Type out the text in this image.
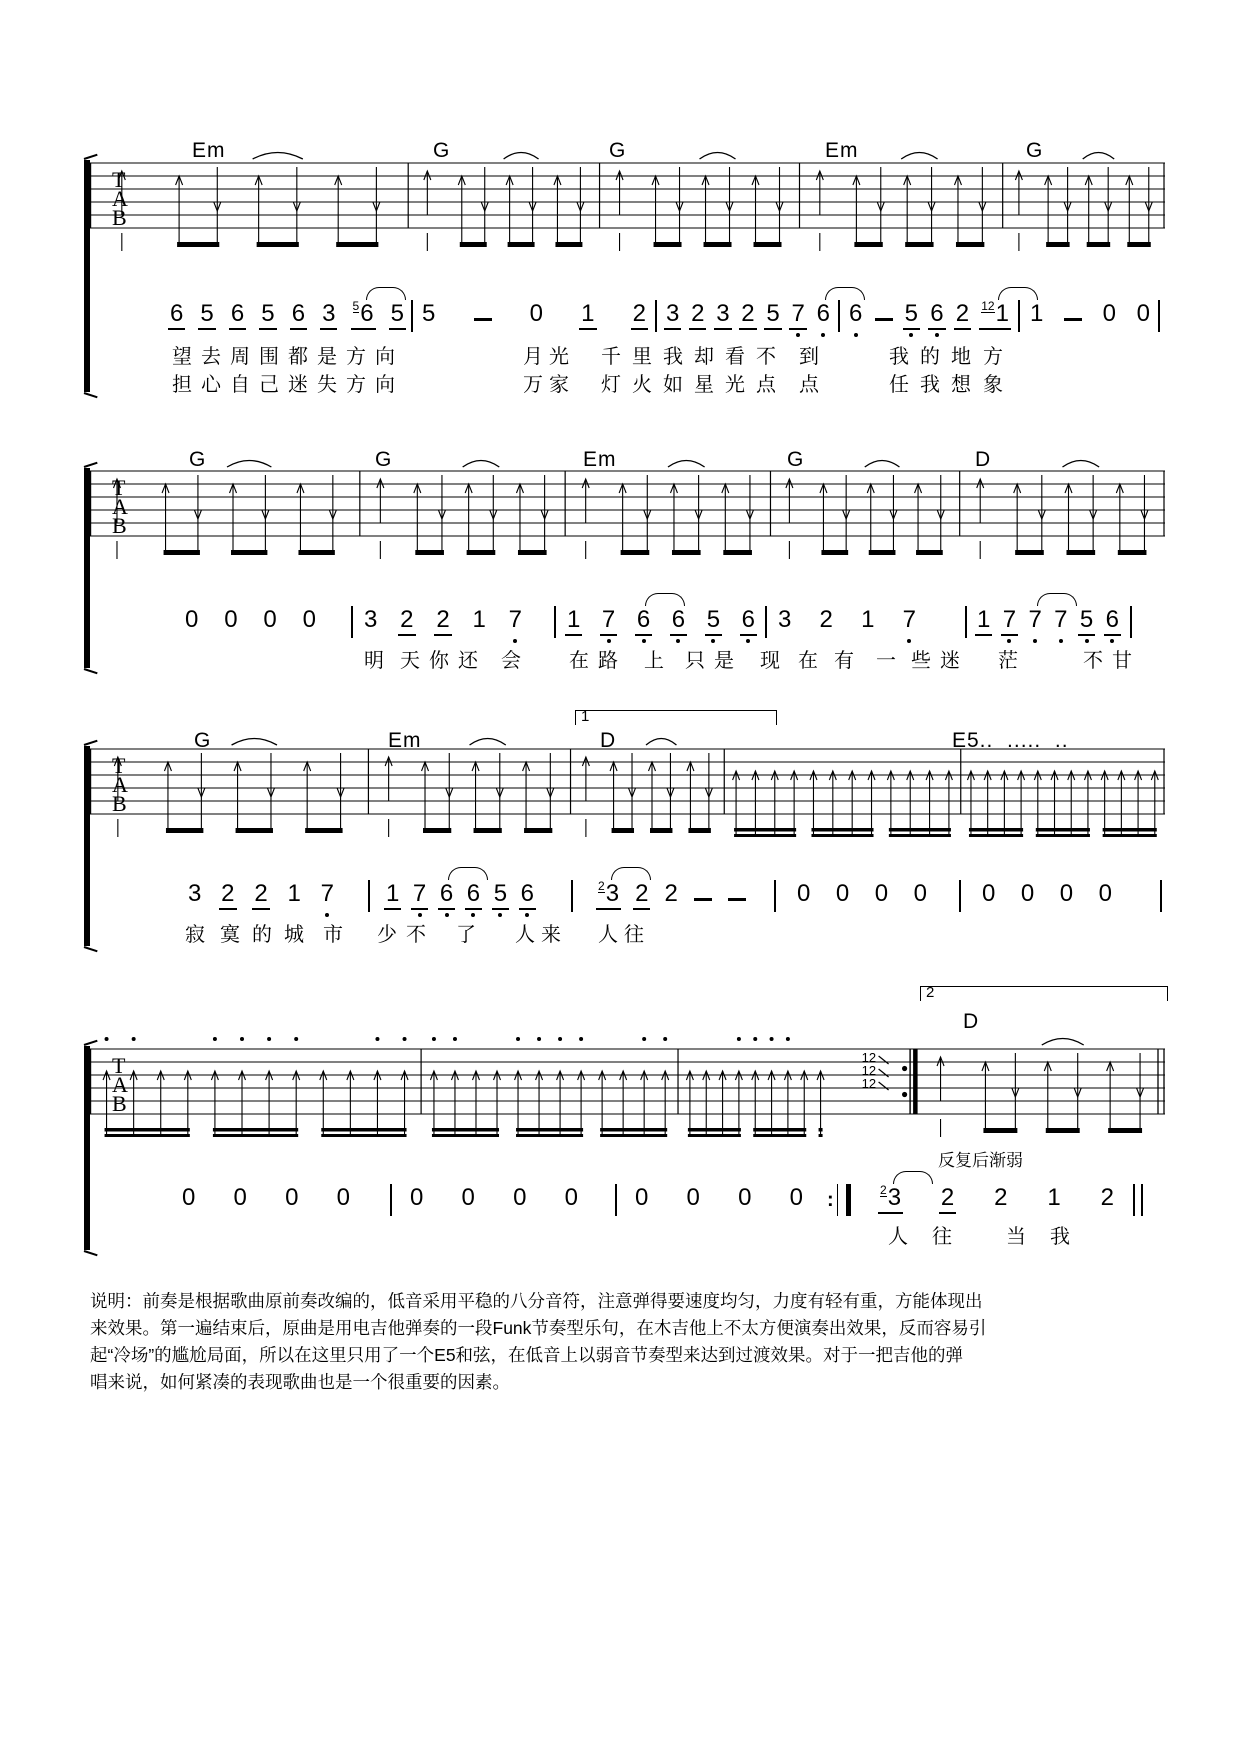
Em	G	G	Em	G
T
A
B
6 5 6 5 6 3 56 5 5	0 1 2 3 2 3 2 5 7 6 6 5 6 2 121 1 0 0
望去周围都是方向	月光 千里我却看不 到	我的地 方
担心自己迷失方向	万家 灯火如星光点 点	任我想 象
G	G	Em	G	D
T
A
B
0 0 0 0 3 2 2 1 7 1 7 6 6 5 6 3 2 1 7	1 7 7 7 5 6
明 天你还 会 在路 上 只是 现 在 有 一 些迷 茫	不甘
G	Em	D	E5..  .....  ..
1
T
A
B
3 2 2 1 7 1 7 6 6 5 6	23 2 2	0 0 0 0 0 0 0 0
寂 寞的城 市 少不 了 人来 人往
D
2
T
A
B
12
12
12
0 0 0 0	0 0 0 0 0 0 0 0	23 2 2 1 2
:
人往 当我
反复后渐弱
说明：前奏是根据歌曲原前奏改编的，低音采用平稳的八分音符，注意弹得要速度均匀，力度有轻有重，方能体现出
来效果。第一遍结束后，原曲是用电吉他弹奏的一段Funk节奏型乐句，在木吉他上不太方便演奏出效果，反而容易引
起“冷场”的尴尬局面，所以在这里只用了一个E5和弦，在低音上以弱音节奏型来达到过渡效果。对于一把吉他的弹
唱来说，如何紧凑的表现歌曲也是一个很重要的因素。
